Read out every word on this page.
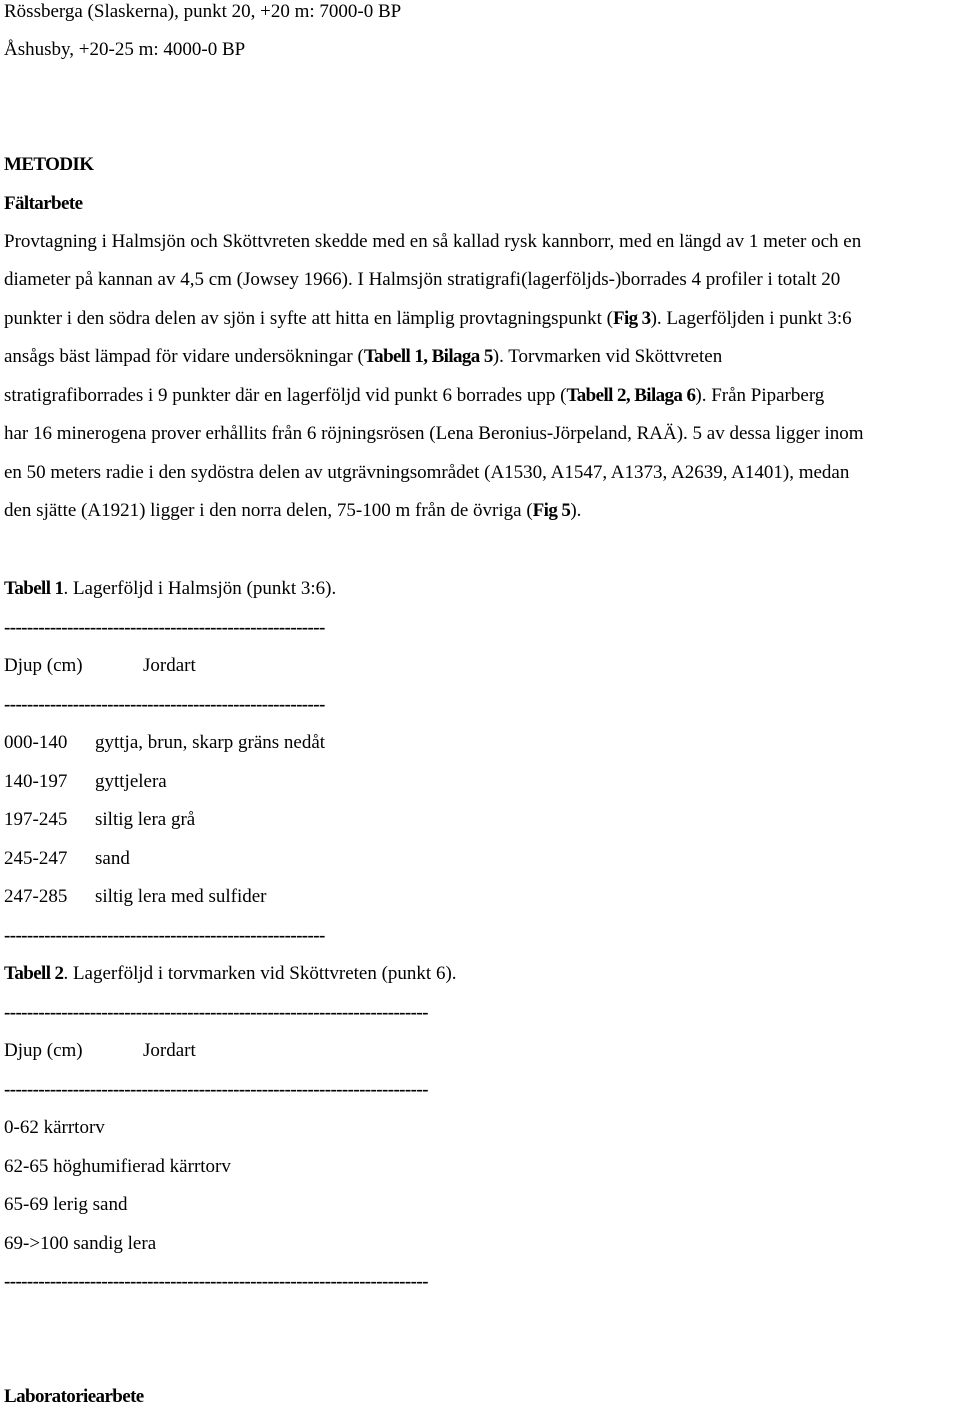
Rössberga (Slaskerna), punkt 20, +20 m: 7000-0 BP
Åshusby, +20-25 m: 4000-0 BP
METODIK
Fältarbete
Provtagning i Halmsjön och Sköttvreten skedde med en så kallad rysk kannborr, med en längd av 1 meter och en
diameter på kannan av 4,5 cm (Jowsey 1966). I Halmsjön stratigrafi(lagerföljds-)borrades 4 profiler i totalt 20
punkter i den södra delen av sjön i syfte att hitta en lämplig provtagningspunkt (Fig 3). Lagerföljden i punkt 3:6
ansågs bäst lämpad för vidare undersökningar (Tabell 1, Bilaga 5). Torvmarken vid Sköttvreten
stratigrafiborrades i 9 punkter där en lagerföljd vid punkt 6 borrades upp (Tabell 2, Bilaga 6). Från Piparberg
har 16 minerogena prover erhållits från 6 röjningsrösen (Lena Beronius-Jörpeland, RAÄ). 5 av dessa ligger inom
en 50 meters radie i den sydöstra delen av utgrävningsområdet (A1530, A1547, A1373, A2639, A1401), medan
den sjätte (A1921) ligger i den norra delen, 75-100 m från de övriga (Fig 5).
Tabell 1. Lagerföljd i Halmsjön (punkt 3:6).
--------------------------------------------------------
Djup (cm)	Jordart
--------------------------------------------------------
000-140 gyttja, brun, skarp gräns nedåt
140-197 gyttjelera
197-245 siltig lera grå
245-247 sand
247-285 siltig lera med sulfider
--------------------------------------------------------
Tabell 2. Lagerföljd i torvmarken vid Sköttvreten (punkt 6).
--------------------------------------------------------------------------
Djup (cm)	Jordart
--------------------------------------------------------------------------
0-62 kärrtorv
62-65 höghumifierad kärrtorv
65-69 lerig sand
69->100 sandig lera
--------------------------------------------------------------------------
Laboratoriearbete
